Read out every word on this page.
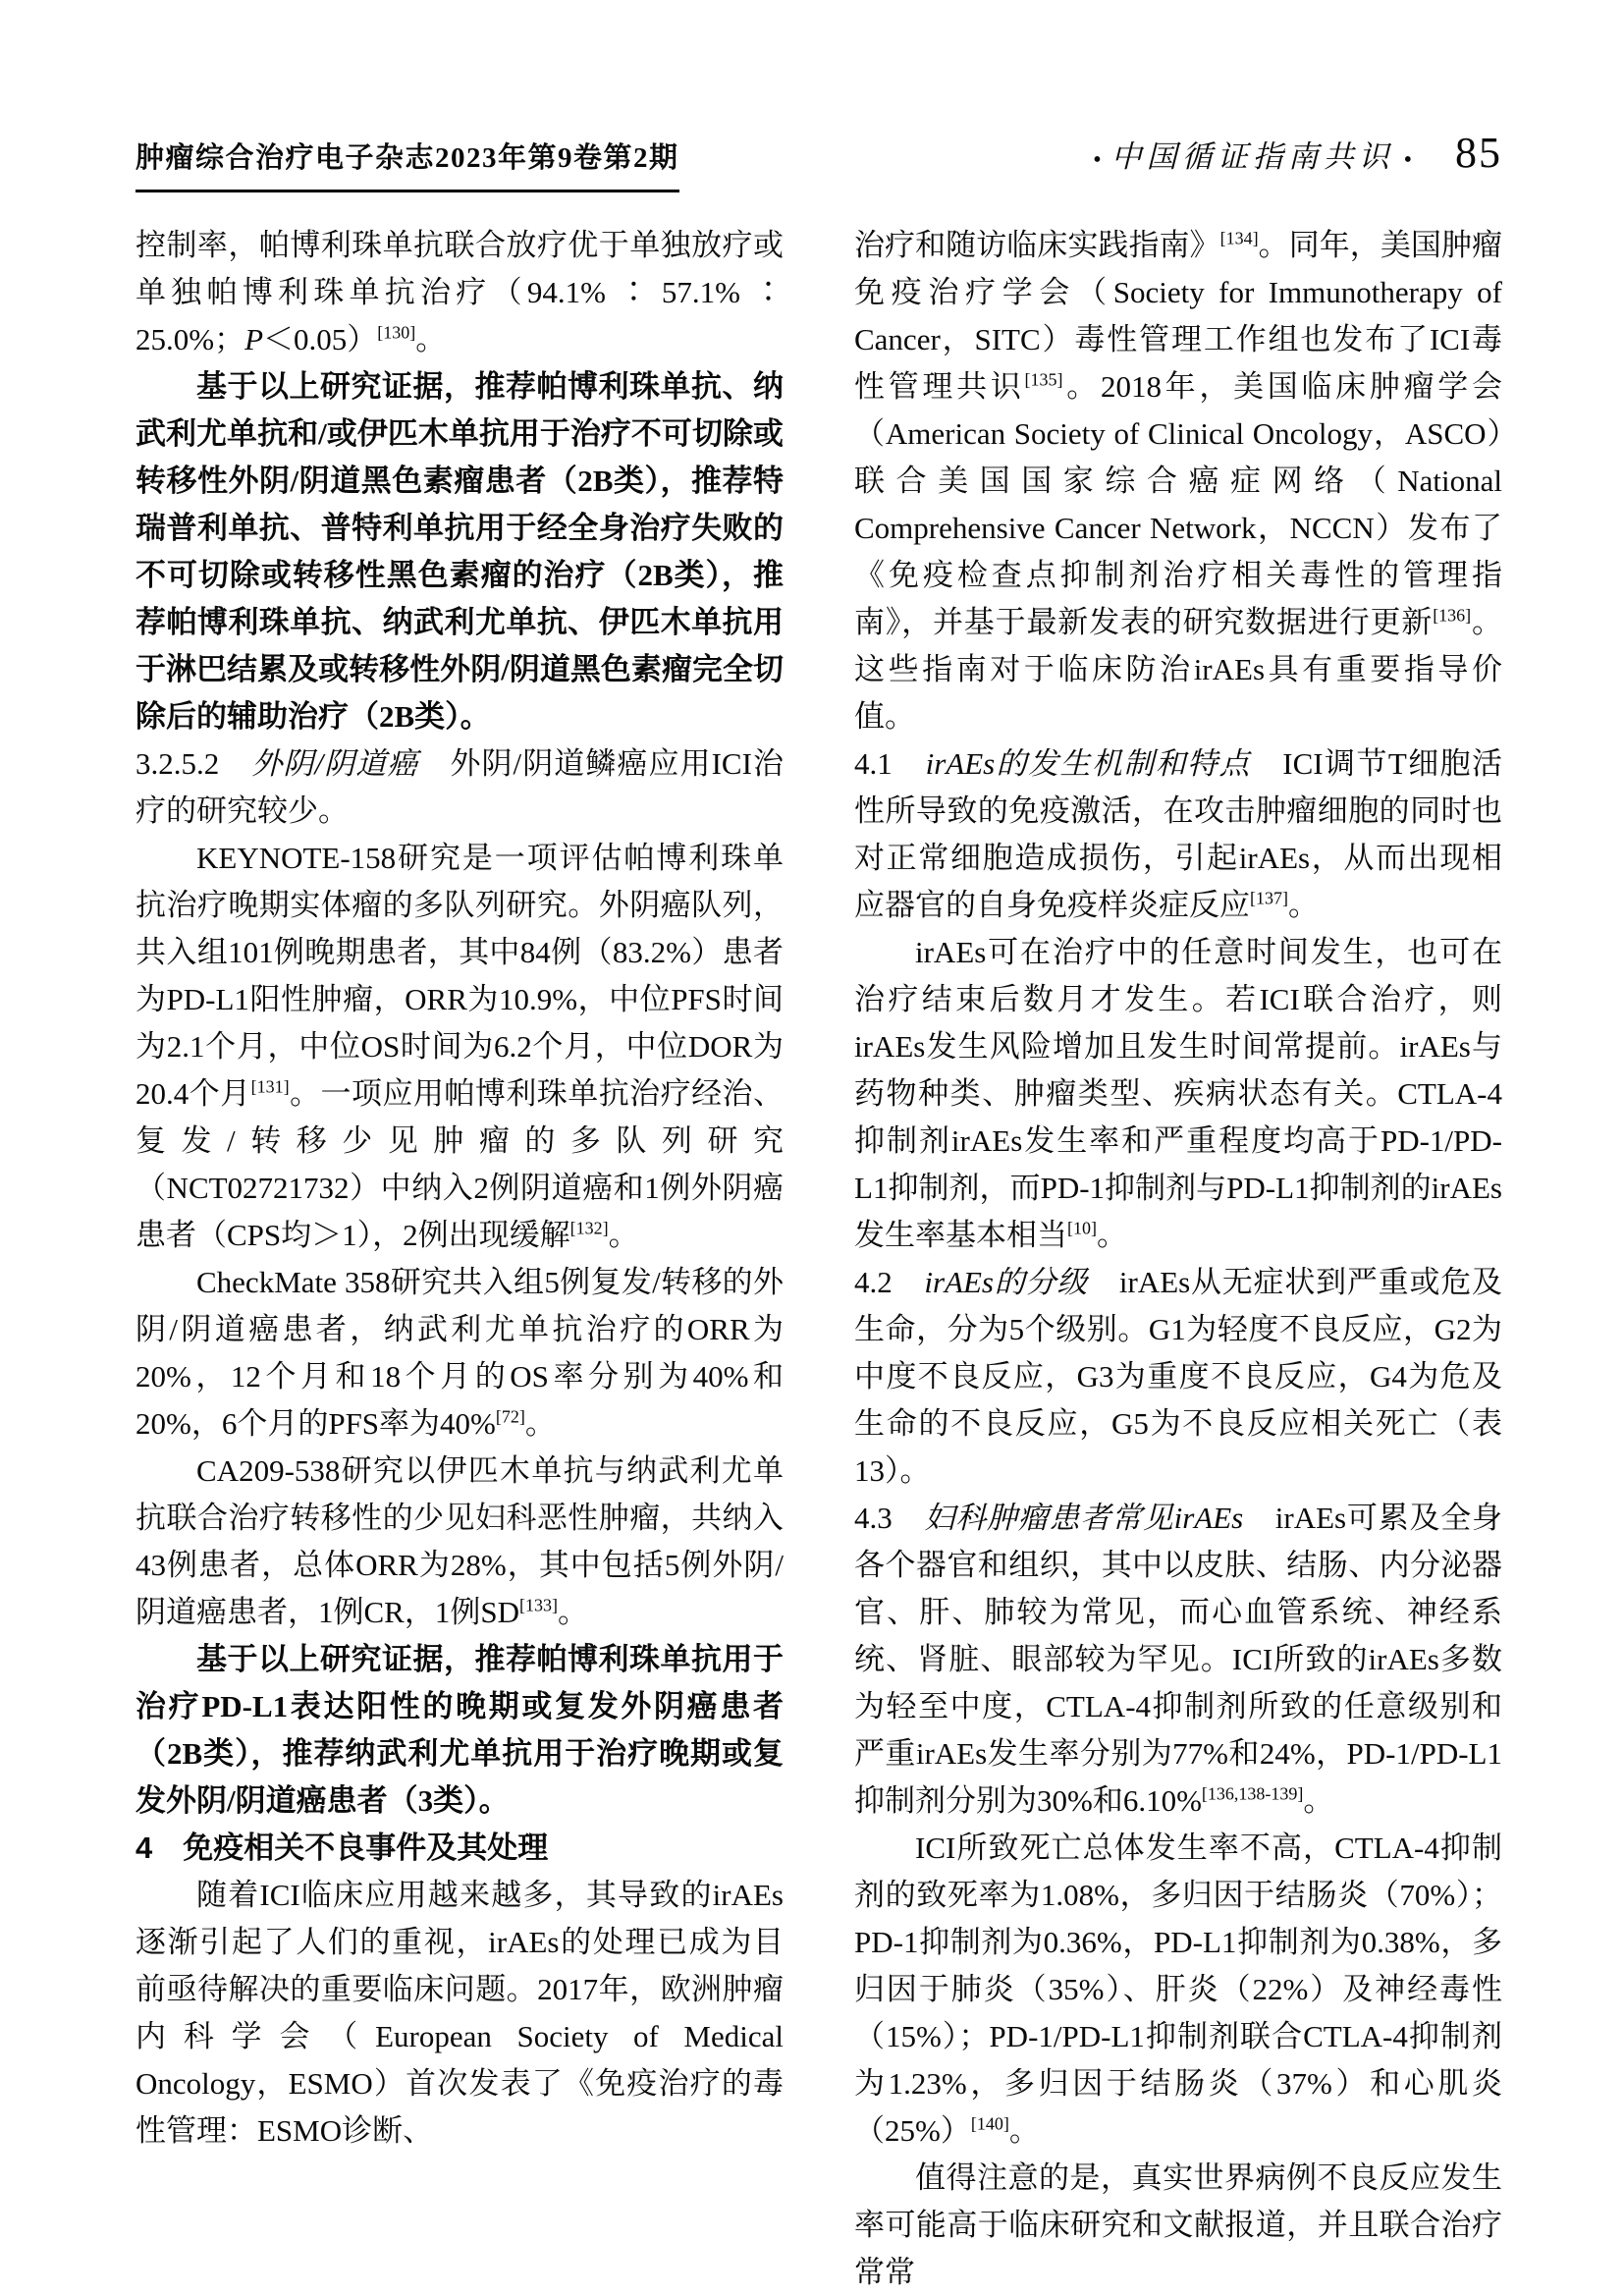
肿瘤综合治疗电子杂志2023年第9卷第2期	• 中国循证指南共识 • 85

控制率，帕博利珠单抗联合放疗优于单独放疗或单独帕博利珠单抗治疗（94.1% ∶ 57.1% ∶ 25.0%；P＜0.05）[130]。

基于以上研究证据，推荐帕博利珠单抗、纳武利尤单抗和/或伊匹木单抗用于治疗不可切除或转移性外阴/阴道黑色素瘤患者（2B类），推荐特瑞普利单抗、普特利单抗用于经全身治疗失败的不可切除或转移性黑色素瘤的治疗（2B类），推荐帕博利珠单抗、纳武利尤单抗、伊匹木单抗用于淋巴结累及或转移性外阴/阴道黑色素瘤完全切除后的辅助治疗（2B类）。

3.2.5.2　 外阴/阴道癌　 外阴/阴道鳞癌应用ICI治疗的研究较少。

KEYNOTE-158研究是一项评估帕博利珠单抗治疗晚期实体瘤的多队列研究。外阴癌队列，共入组101例晚期患者，其中84例（83.2%）患者为PD-L1阳性肿瘤，ORR为10.9%，中位PFS时间为2.1个月，中位OS时间为6.2个月，中位DOR为20.4个月[131]。一项应用帕博利珠单抗治疗经治、复发/转移少见肿瘤的多队列研究（NCT02721732）中纳入2例阴道癌和1例外阴癌患者（CPS均＞1），2例出现缓解[132]。

CheckMate 358研究共入组5例复发/转移的外阴/阴道癌患者，纳武利尤单抗治疗的ORR为20%，12个月和18个月的OS率分别为40%和20%，6个月的PFS率为40%[72]。

CA209-538研究以伊匹木单抗与纳武利尤单抗联合治疗转移性的少见妇科恶性肿瘤，共纳入43例患者，总体ORR为28%，其中包括5例外阴/阴道癌患者，1例CR，1例SD[133]。

基于以上研究证据，推荐帕博利珠单抗用于治疗PD-L1表达阳性的晚期或复发外阴癌患者（2B类），推荐纳武利尤单抗用于治疗晚期或复发外阴/阴道癌患者（3类）。

4　免疫相关不良事件及其处理

随着ICI临床应用越来越多，其导致的irAEs逐渐引起了人们的重视，irAEs的处理已成为目前亟待解决的重要临床问题。2017年，欧洲肿瘤内科学会（European Society of Medical Oncology，ESMO）首次发表了《免疫治疗的毒性管理：ESMO诊断、

治疗和随访临床实践指南》[134]。同年，美国肿瘤免疫治疗学会（Society for Immunotherapy of Cancer，SITC）毒性管理工作组也发布了ICI毒性管理共识[135]。2018年，美国临床肿瘤学会（American Society of Clinical Oncology，ASCO）联合美国国家综合癌症网络（National Comprehensive Cancer Network，NCCN）发布了《免疫检查点抑制剂治疗相关毒性的管理指南》，并基于最新发表的研究数据进行更新[136]。这些指南对于临床防治irAEs具有重要指导价值。

4.1　 irAEs的发生机制和特点　 ICI调节T细胞活性所导致的免疫激活，在攻击肿瘤细胞的同时也对正常细胞造成损伤，引起irAEs，从而出现相应器官的自身免疫样炎症反应[137]。

irAEs可在治疗中的任意时间发生，也可在治疗结束后数月才发生。若ICI联合治疗，则irAEs发生风险增加且发生时间常提前。irAEs与药物种类、肿瘤类型、疾病状态有关。CTLA-4抑制剂irAEs发生率和严重程度均高于PD-1/PD-L1抑制剂，而PD-1抑制剂与PD-L1抑制剂的irAEs发生率基本相当[10]。

4.2　 irAEs的分级　 irAEs从无症状到严重或危及生命，分为5个级别。G1为轻度不良反应，G2为中度不良反应，G3为重度不良反应，G4为危及生命的不良反应，G5为不良反应相关死亡（表13）。

4.3　 妇科肿瘤患者常见irAEs　 irAEs可累及全身各个器官和组织，其中以皮肤、结肠、内分泌器官、肝、肺较为常见，而心血管系统、神经系统、肾脏、眼部较为罕见。ICI所致的irAEs多数为轻至中度，CTLA-4抑制剂所致的任意级别和严重irAEs发生率分别为77%和24%，PD-1/PD-L1抑制剂分别为30%和6.10%[136,138-139]。

ICI所致死亡总体发生率不高，CTLA-4抑制剂的致死率为1.08%，多归因于结肠炎（70%）；PD-1抑制剂为0.36%，PD-L1抑制剂为0.38%，多归因于肺炎（35%）、肝炎（22%）及神经毒性（15%）；PD-1/PD-L1抑制剂联合CTLA-4抑制剂为1.23%，多归因于结肠炎（37%）和心肌炎（25%）[140]。

值得注意的是，真实世界病例不良反应发生率可能高于临床研究和文献报道，并且联合治疗常常
